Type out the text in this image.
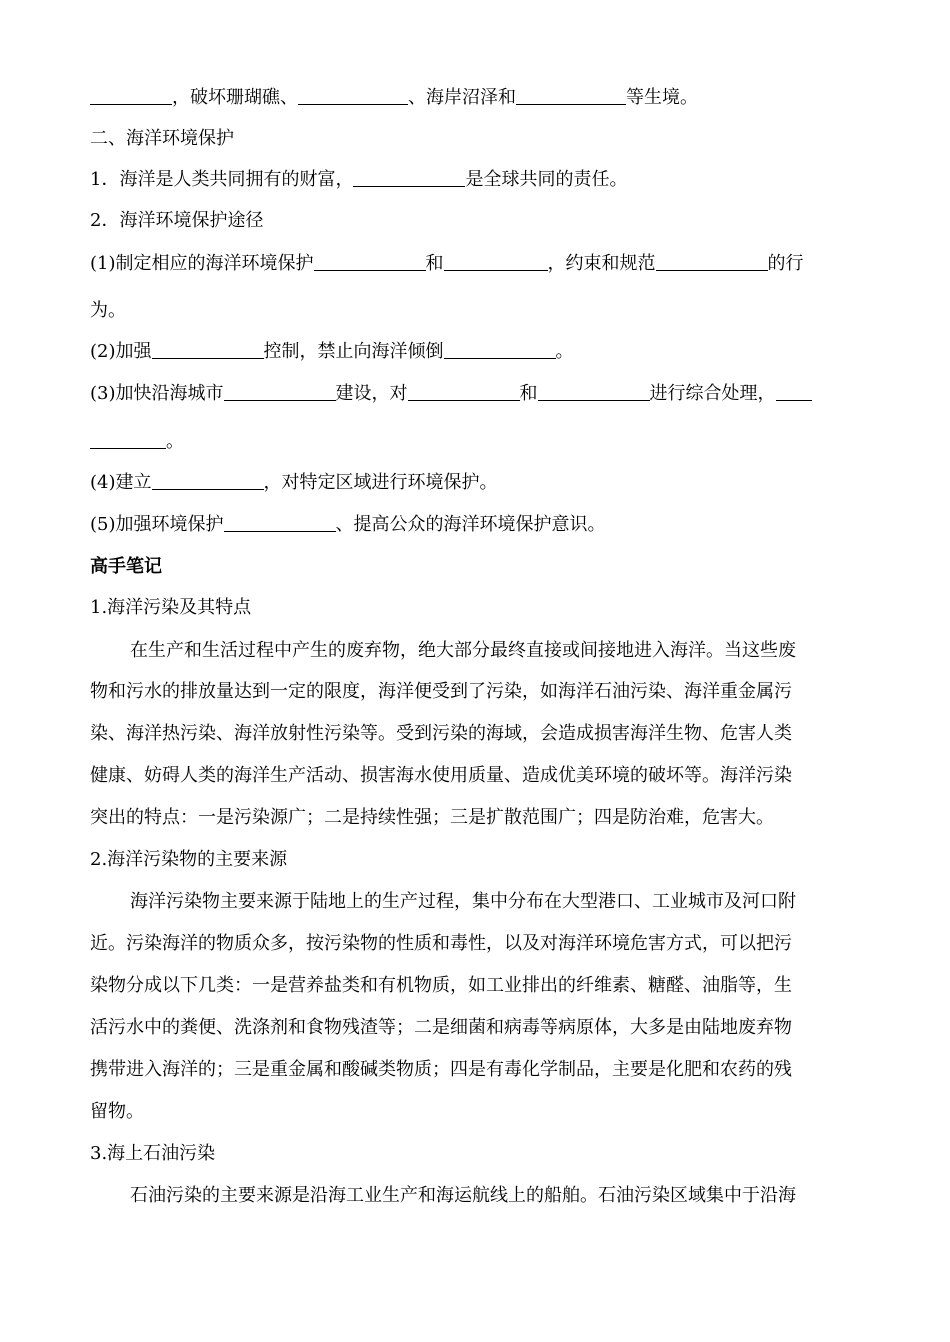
，破坏珊瑚礁、	、海岸沼泽和	等生境。
二、海洋环境保护
1．海洋是人类共同拥有的财富，	是全球共同的责任。
2．海洋环境保护途径
(1)制定相应的海洋环境保护	和	，约束和规范	的行
为。
(2)加强	控制，禁止向海洋倾倒	。
(3)加快沿海城市	建设，对	和	进行综合处理，
。
(4)建立	，对特定区域进行环境保护。
(5)加强环境保护	、提高公众的海洋环境保护意识。
高手笔记
1.海洋污染及其特点
在生产和生活过程中产生的废弃物，绝大部分最终直接或间接地进入海洋。当这些废
物和污水的排放量达到一定的限度，海洋便受到了污染，如海洋石油污染、海洋重金属污
染、海洋热污染、海洋放射性污染等。受到污染的海域，会造成损害海洋生物、危害人类
健康、妨碍人类的海洋生产活动、损害海水使用质量、造成优美环境的破坏等。海洋污染
突出的特点：一是污染源广；二是持续性强；三是扩散范围广；四是防治难，危害大。
2.海洋污染物的主要来源
海洋污染物主要来源于陆地上的生产过程，集中分布在大型港口、工业城市及河口附
近。污染海洋的物质众多，按污染物的性质和毒性，以及对海洋环境危害方式，可以把污
染物分成以下几类：一是营养盐类和有机物质，如工业排出的纤维素、糖醛、油脂等，生
活污水中的粪便、洗涤剂和食物残渣等；二是细菌和病毒等病原体，大多是由陆地废弃物
携带进入海洋的；三是重金属和酸碱类物质；四是有毒化学制品，主要是化肥和农药的残
留物。
3.海上石油污染
石油污染的主要来源是沿海工业生产和海运航线上的船舶。石油污染区域集中于沿海
